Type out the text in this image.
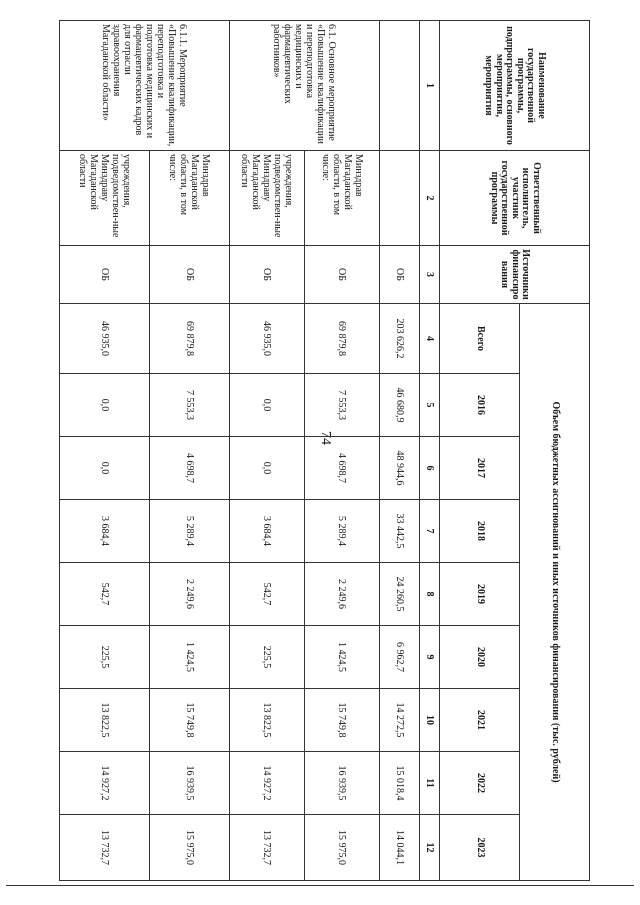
74
Наименование государственной программы, подпрограммы, основного мероприятия, мероприятия	Ответственный исполнитель, участник государственной программы	Источники финансирования	Объем бюджетных ассигнований и иных источников финансирования (тыс. рублей)								
			Всего	2016	2017	2018	2019	2020	2021	2022	2023
1	2	3	4	5	6	7	8	9	10	11	12
		ОБ	203 626,2	46 680,9	48 944,6	33 442,5	24 260,5	6 962,7	14 272,5	15 018,4	14 044,1
6.1. Основное мероприятие «Повышение квалификации и переподготовка медицинских и фармацевтических работников»	Минздрав Магаданской области, в том числе:	ОБ	69 879,8	7 553,3	4 698,7	5 289,4	2 249,6	1 424,5	15 749,8	16 939,5	15 975,0
	учреждения, подведомствен-ные Минздраву Магаданской области	ОБ	46 935,0	0,0	0,0	3 684,4	542,7	225,5	13 822,5	14 927,2	13 732,7
6.1.1. Мероприятие «Повышение квалификации, переподготовка и подготовка медицинских и фармацевтических кадров для отрасли здравоохранения Магаданской области»	Минздрав Магаданской области, в том числе:	ОБ	69 879,8	7 553,3	4 698,7	5 289,4	2 249,6	1 424,5	15 749,8	16 939,5	15 975,0
	учреждения, подведомствен-ные Минздраву Магаданской области	ОБ	46 935,0	0,0	0,0	3 684,4	542,7	225,5	13 822,5	14 927,2	13 732,7
